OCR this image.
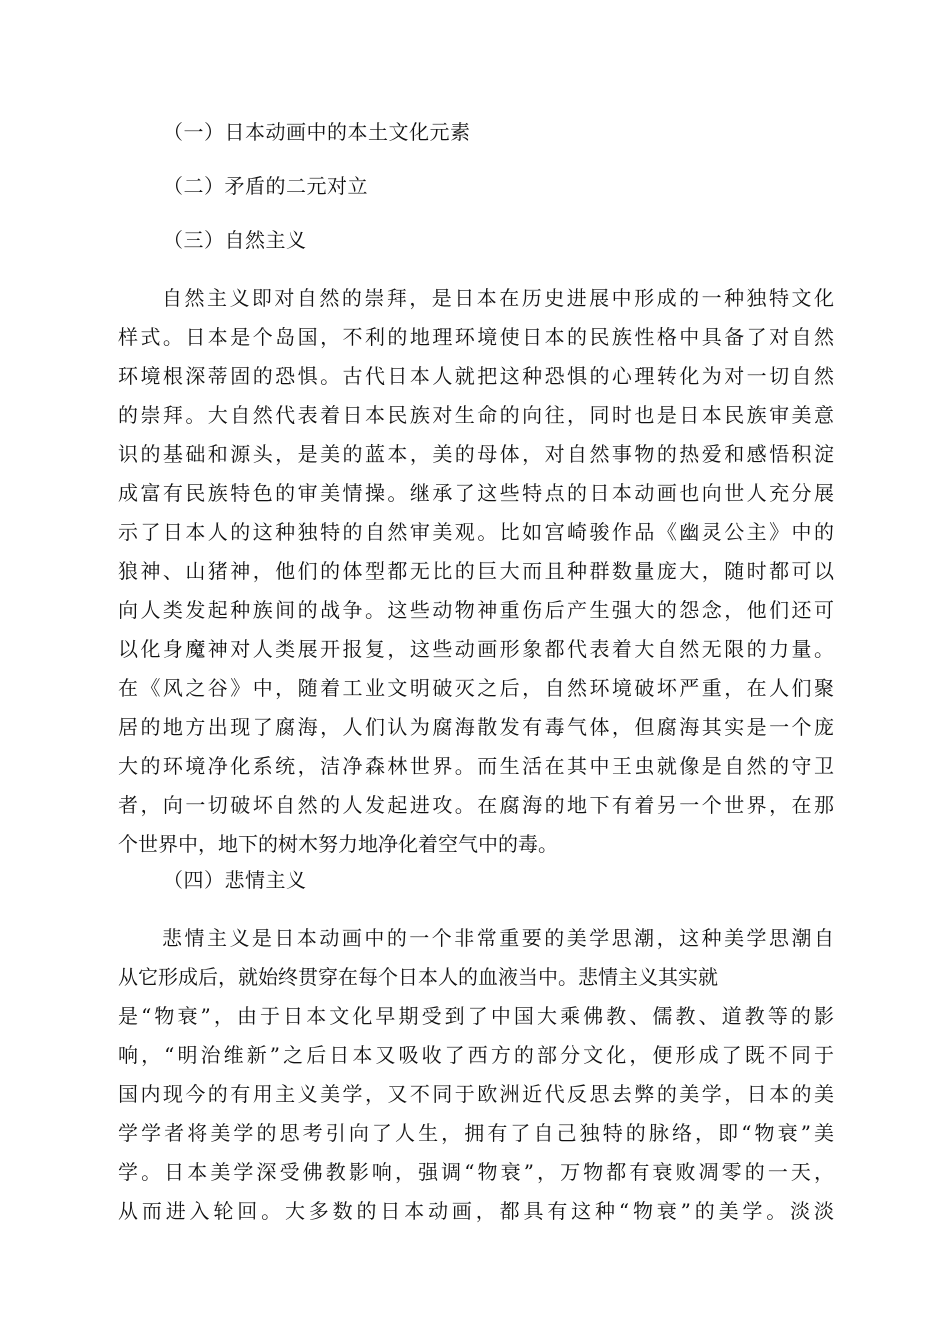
（一）日本动画中的本土文化元素
（二）矛盾的二元对立
（三）自然主义
自然主义即对自然的崇拜，是日本在历史进展中形成的一种独特文化
样式。日本是个岛国，不利的地理环境使日本的民族性格中具备了对自然
环境根深蒂固的恐惧。古代日本人就把这种恐惧的心理转化为对一切自然
的崇拜。大自然代表着日本民族对生命的向往，同时也是日本民族审美意
识的基础和源头，是美的蓝本，美的母体，对自然事物的热爱和感悟积淀
成富有民族特色的审美情操。继承了这些特点的日本动画也向世人充分展
示了日本人的这种独特的自然审美观。比如宫崎骏作品《幽灵公主》中的
狼神、山猪神，他们的体型都无比的巨大而且种群数量庞大，随时都可以
向人类发起种族间的战争。这些动物神重伤后产生强大的怨念，他们还可
以化身魔神对人类展开报复，这些动画形象都代表着大自然无限的力量。
在《风之谷》中，随着工业文明破灭之后，自然环境破坏严重，在人们聚
居的地方出现了腐海，人们认为腐海散发有毒气体，但腐海其实是一个庞
大的环境净化系统，洁净森林世界。而生活在其中王虫就像是自然的守卫
者，向一切破坏自然的人发起进攻。在腐海的地下有着另一个世界，在那
个世界中，地下的树木努力地净化着空气中的毒。
（四）悲情主义
悲情主义是日本动画中的一个非常重要的美学思潮，这种美学思潮自
从它形成后，就始终贯穿在每个日本人的血液当中。悲情主义其实就
是“物衰”，由于日本文化早期受到了中国大乘佛教、儒教、道教等的影
响，“明治维新”之后日本又吸收了西方的部分文化，便形成了既不同于
国内现今的有用主义美学，又不同于欧洲近代反思去弊的美学，日本的美
学学者将美学的思考引向了人生，拥有了自己独特的脉络，即“物衰”美
学。日本美学深受佛教影响，强调“物衰”，万物都有衰败凋零的一天，
从而进入轮回。大多数的日本动画，都具有这种“物衰”的美学。淡淡
